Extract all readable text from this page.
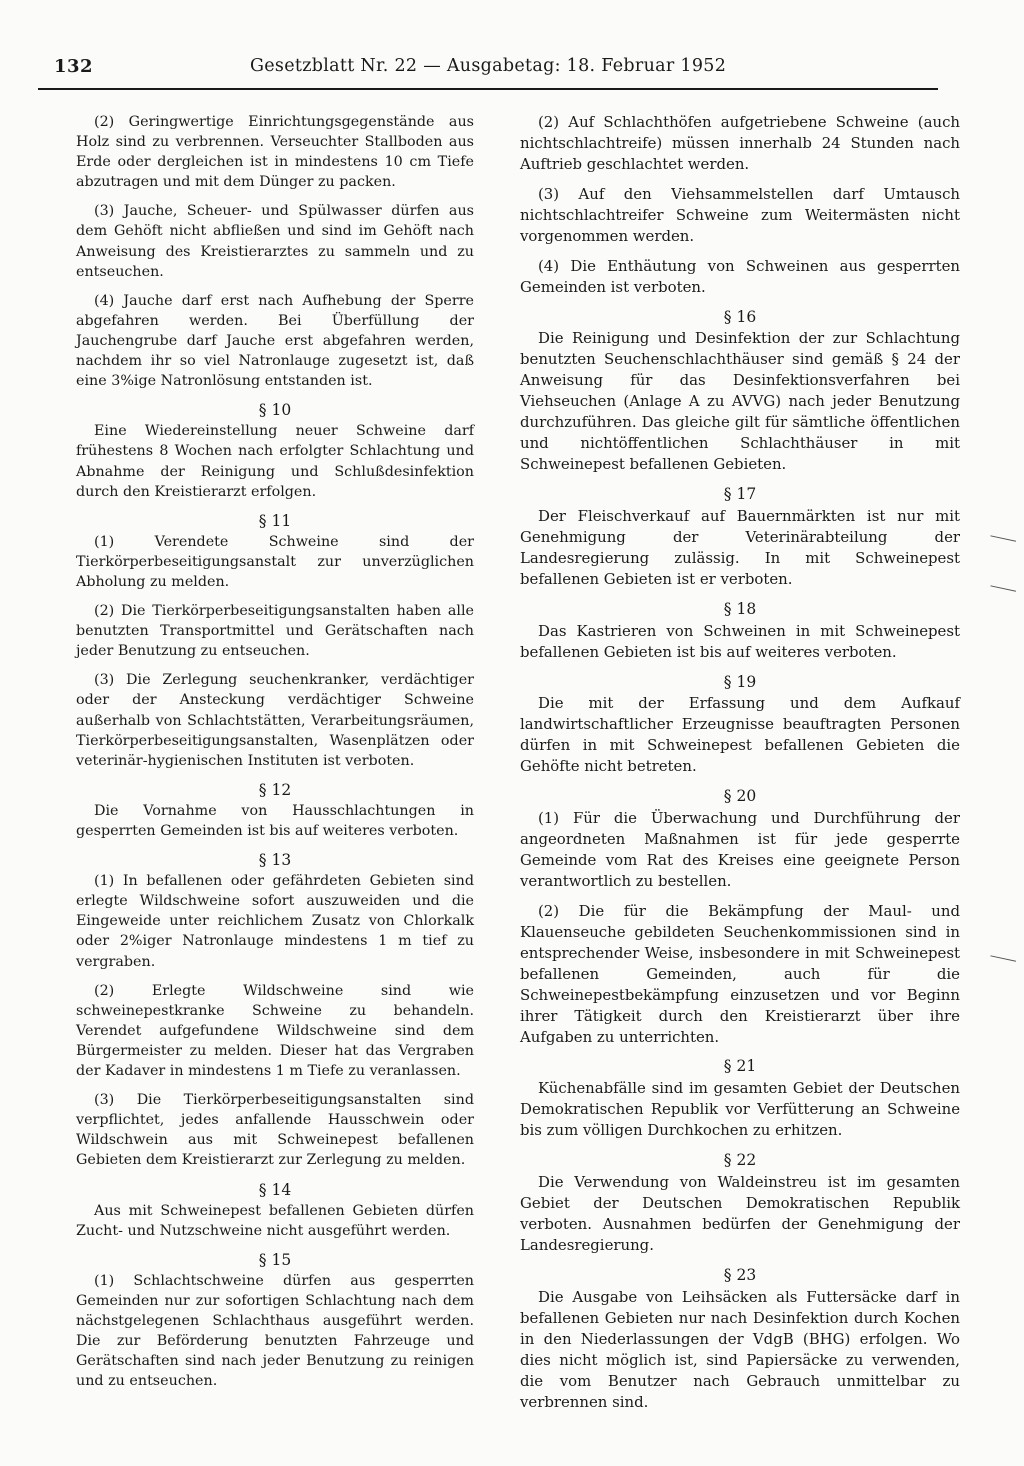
132	Gesetzblatt Nr. 22 — Ausgabetag: 18. Februar 1952

(2) Geringwertige Einrichtungsgegenstände aus Holz sind zu verbrennen. Verseuchter Stallboden aus Erde oder dergleichen ist in mindestens 10 cm Tiefe abzutragen und mit dem Dünger zu packen.

(3) Jauche, Scheuer- und Spülwasser dürfen aus dem Gehöft nicht abfließen und sind im Gehöft nach Anweisung des Kreistierarztes zu sammeln und zu entseuchen.

(4) Jauche darf erst nach Aufhebung der Sperre abgefahren werden. Bei Überfüllung der Jauchengrube darf Jauche erst abgefahren werden, nachdem ihr so viel Natronlauge zugesetzt ist, daß eine 3%ige Natronlösung entstanden ist.

§ 10

Eine Wiedereinstellung neuer Schweine darf frühestens 8 Wochen nach erfolgter Schlachtung und Abnahme der Reinigung und Schlußdesinfektion durch den Kreistierarzt erfolgen.

§ 11

(1) Verendete Schweine sind der Tierkörperbeseitigungsanstalt zur unverzüglichen Abholung zu melden.

(2) Die Tierkörperbeseitigungsanstalten haben alle benutzten Transportmittel und Gerätschaften nach jeder Benutzung zu entseuchen.

(3) Die Zerlegung seuchenkranker, verdächtiger oder der Ansteckung verdächtiger Schweine außerhalb von Schlachtstätten, Verarbeitungsräumen, Tierkörperbeseitigungsanstalten, Wasenplätzen oder veterinär-hygienischen Instituten ist verboten.

§ 12

Die Vornahme von Hausschlachtungen in gesperrten Gemeinden ist bis auf weiteres verboten.

§ 13

(1) In befallenen oder gefährdeten Gebieten sind erlegte Wildschweine sofort auszuweiden und die Eingeweide unter reichlichem Zusatz von Chlorkalk oder 2%iger Natronlauge mindestens 1 m tief zu vergraben.

(2) Erlegte Wildschweine sind wie schweinepestkranke Schweine zu behandeln. Verendet aufgefundene Wildschweine sind dem Bürgermeister zu melden. Dieser hat das Vergraben der Kadaver in mindestens 1 m Tiefe zu veranlassen.

(3) Die Tierkörperbeseitigungsanstalten sind verpflichtet, jedes anfallende Hausschwein oder Wildschwein aus mit Schweinepest befallenen Gebieten dem Kreistierarzt zur Zerlegung zu melden.

§ 14

Aus mit Schweinepest befallenen Gebieten dürfen Zucht- und Nutzschweine nicht ausgeführt werden.

§ 15

(1) Schlachtschweine dürfen aus gesperrten Gemeinden nur zur sofortigen Schlachtung nach dem nächstgelegenen Schlachthaus ausgeführt werden. Die zur Beförderung benutzten Fahrzeuge und Gerätschaften sind nach jeder Benutzung zu reinigen und zu entseuchen.

(2) Auf Schlachthöfen aufgetriebene Schweine (auch nichtschlachtreife) müssen innerhalb 24 Stunden nach Auftrieb geschlachtet werden.

(3) Auf den Viehsammelstellen darf Umtausch nichtschlachtreifer Schweine zum Weitermästen nicht vorgenommen werden.

(4) Die Enthäutung von Schweinen aus gesperrten Gemeinden ist verboten.

§ 16

Die Reinigung und Desinfektion der zur Schlachtung benutzten Seuchenschlachthäuser sind gemäß § 24 der Anweisung für das Desinfektionsverfahren bei Viehseuchen (Anlage A zu AVVG) nach jeder Benutzung durchzuführen. Das gleiche gilt für sämtliche öffentlichen und nichtöffentlichen Schlachthäuser in mit Schweinepest befallenen Gebieten.

§ 17

Der Fleischverkauf auf Bauernmärkten ist nur mit Genehmigung der Veterinärabteilung der Landesregierung zulässig. In mit Schweinepest befallenen Gebieten ist er verboten.

§ 18

Das Kastrieren von Schweinen in mit Schweinepest befallenen Gebieten ist bis auf weiteres verboten.

§ 19

Die mit der Erfassung und dem Aufkauf landwirtschaftlicher Erzeugnisse beauftragten Personen dürfen in mit Schweinepest befallenen Gebieten die Gehöfte nicht betreten.

§ 20

(1) Für die Überwachung und Durchführung der angeordneten Maßnahmen ist für jede gesperrte Gemeinde vom Rat des Kreises eine geeignete Person verantwortlich zu bestellen.

(2) Die für die Bekämpfung der Maul- und Klauenseuche gebildeten Seuchenkommissionen sind in entsprechender Weise, insbesondere in mit Schweinepest befallenen Gemeinden, auch für die Schweinepestbekämpfung einzusetzen und vor Beginn ihrer Tätigkeit durch den Kreistierarzt über ihre Aufgaben zu unterrichten.

§ 21

Küchenabfälle sind im gesamten Gebiet der Deutschen Demokratischen Republik vor Verfütterung an Schweine bis zum völligen Durchkochen zu erhitzen.

§ 22

Die Verwendung von Waldeinstreu ist im gesamten Gebiet der Deutschen Demokratischen Republik verboten. Ausnahmen bedürfen der Genehmigung der Landesregierung.

§ 23

Die Ausgabe von Leihsäcken als Futtersäcke darf in befallenen Gebieten nur nach Desinfektion durch Kochen in den Niederlassungen der VdgB (BHG) erfolgen. Wo dies nicht möglich ist, sind Papiersäcke zu verwenden, die vom Benutzer nach Gebrauch unmittelbar zu verbrennen sind.
